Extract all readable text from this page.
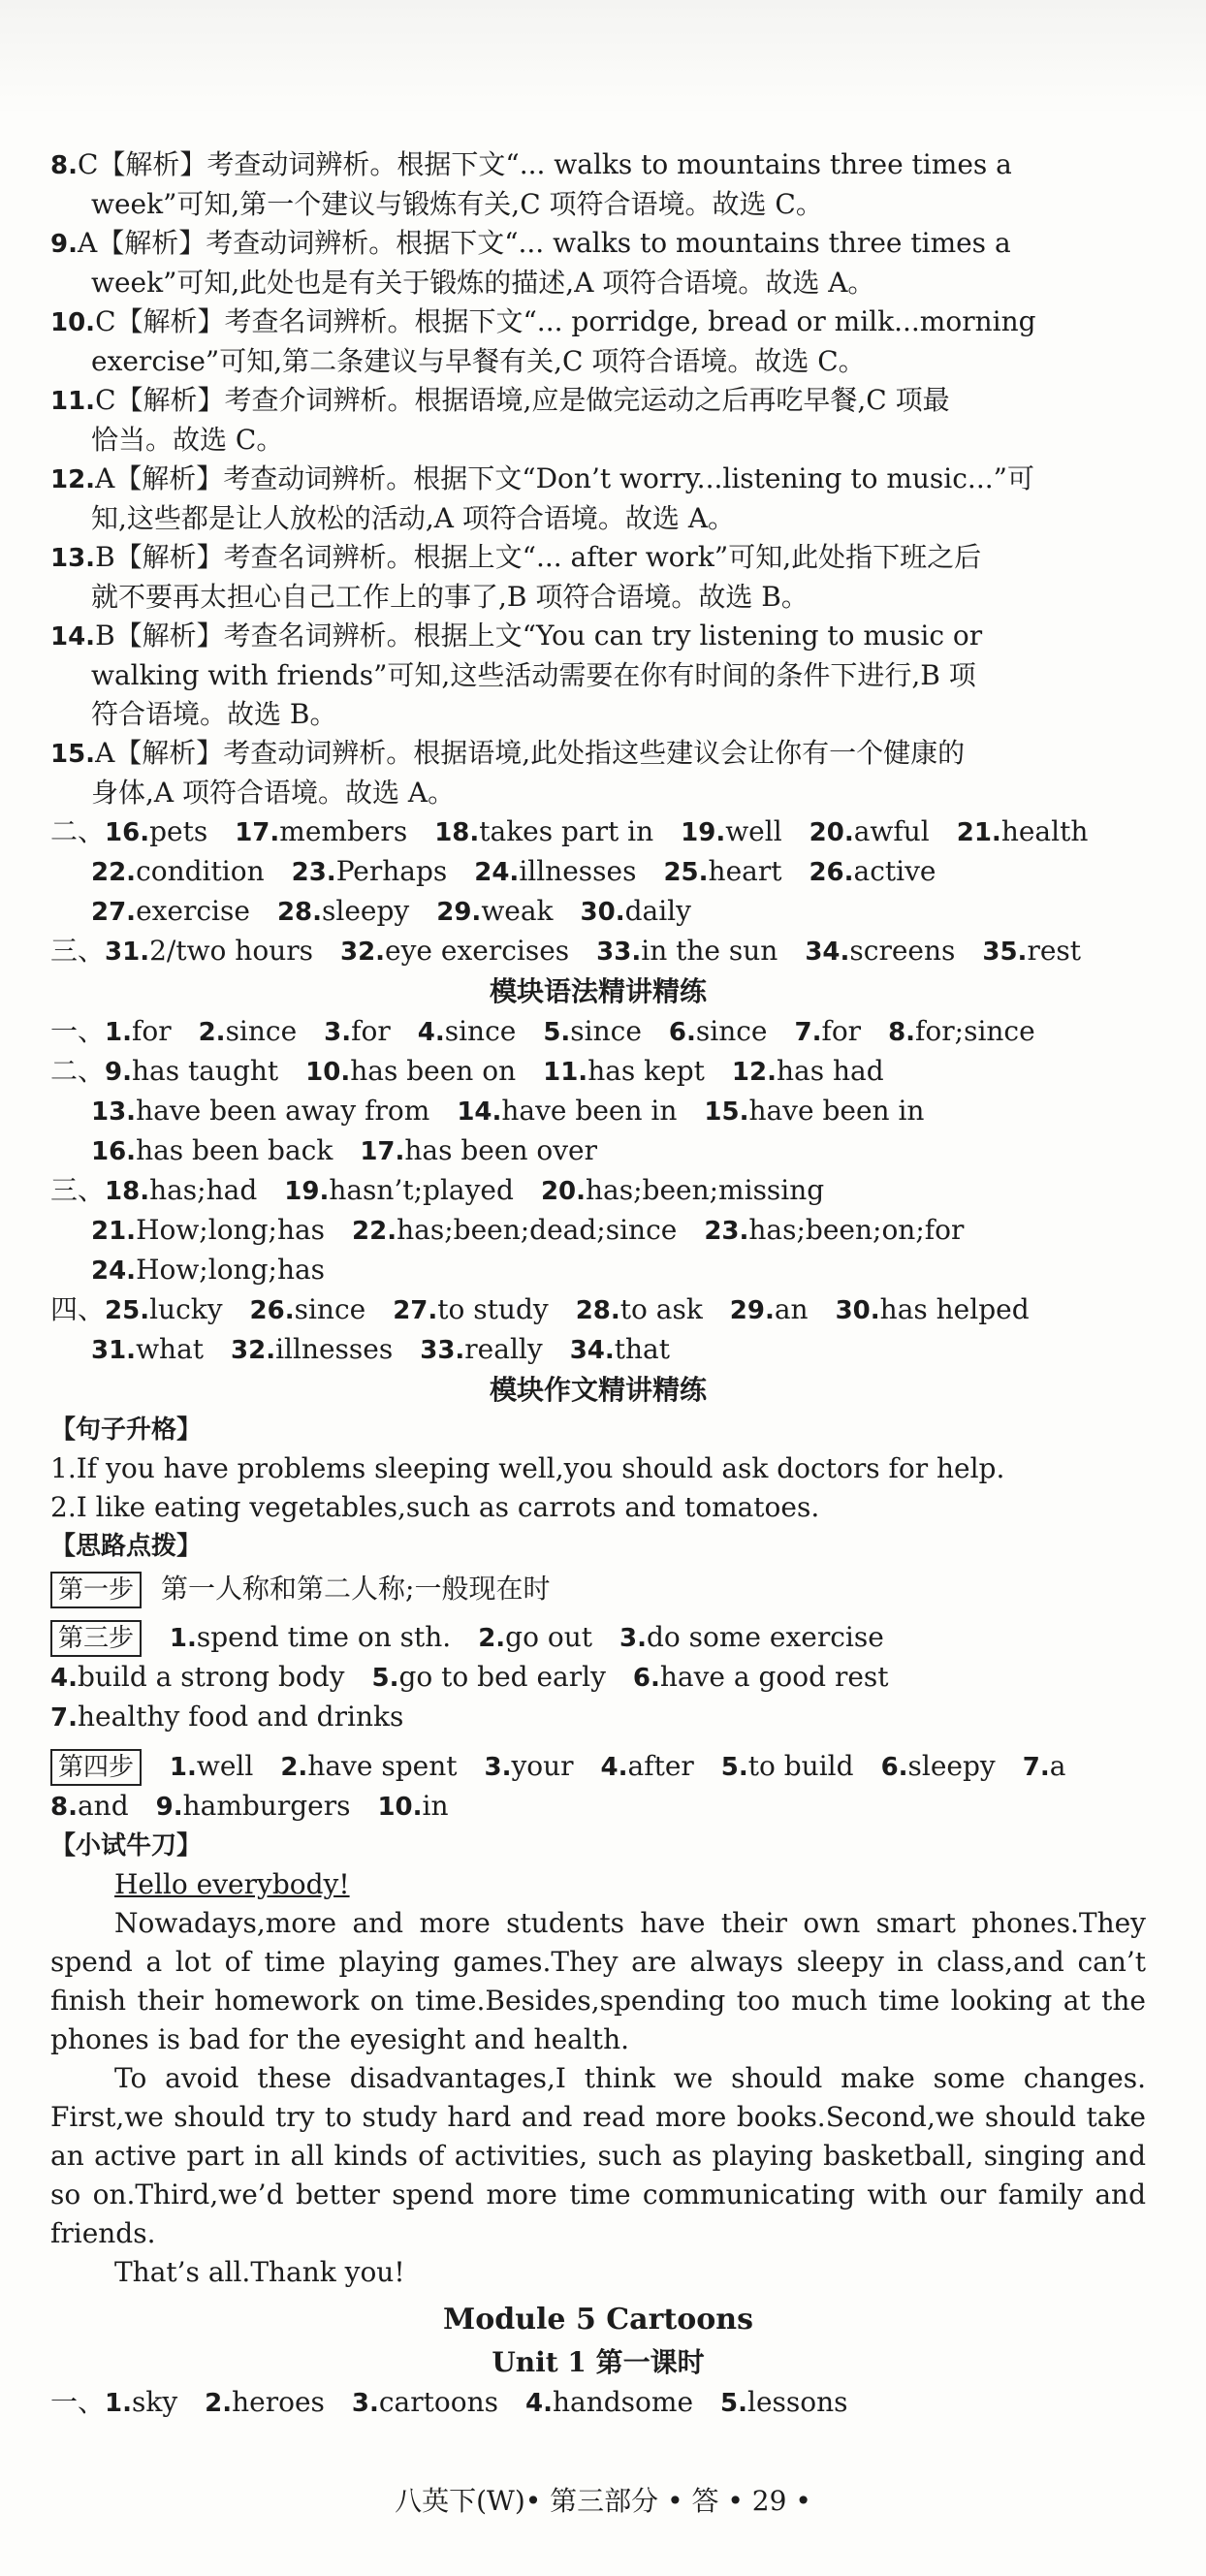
8.C【解析】考查动词辨析。根据下文“... walks to mountains three times a
week”可知,第一个建议与锻炼有关,C 项符合语境。故选 C。
9.A【解析】考查动词辨析。根据下文“... walks to mountains three times a
week”可知,此处也是有关于锻炼的描述,A 项符合语境。故选 A。
10.C【解析】考查名词辨析。根据下文“... porridge, bread or milk...morning
exercise”可知,第二条建议与早餐有关,C 项符合语境。故选 C。
11.C【解析】考查介词辨析。根据语境,应是做完运动之后再吃早餐,C 项最
恰当。故选 C。
12.A【解析】考查动词辨析。根据下文“Don’t worry...listening to music...”可
知,这些都是让人放松的活动,A 项符合语境。故选 A。
13.B【解析】考查名词辨析。根据上文“... after work”可知,此处指下班之后
就不要再太担心自己工作上的事了,B 项符合语境。故选 B。
14.B【解析】考查名词辨析。根据上文“You can try listening to music or
walking with friends”可知,这些活动需要在你有时间的条件下进行,B 项
符合语境。故选 B。
15.A【解析】考查动词辨析。根据语境,此处指这些建议会让你有一个健康的
身体,A 项符合语境。故选 A。
二、16.pets 17.members 18.takes part in 19.well 20.awful 21.health
22.condition 23.Perhaps 24.illnesses 25.heart 26.active
27.exercise 28.sleepy 29.weak 30.daily
三、31.2/two hours 32.eye exercises 33.in the sun 34.screens 35.rest
模块语法精讲精练
一、1.for 2.since 3.for 4.since 5.since 6.since 7.for 8.for;since
二、9.has taught 10.has been on 11.has kept 12.has had
13.have been away from 14.have been in 15.have been in
16.has been back 17.has been over
三、18.has;had 19.hasn’t;played 20.has;been;missing
21.How;long;has 22.has;been;dead;since 23.has;been;on;for
24.How;long;has
四、25.lucky 26.since 27.to study 28.to ask 29.an 30.has helped
31.what 32.illnesses 33.really 34.that
模块作文精讲精练
【句子升格】
1.If you have problems sleeping well,you should ask doctors for help.
2.I like eating vegetables,such as carrots and tomatoes.
【思路点拨】
第一步 第一人称和第二人称;一般现在时
第三步 1.spend time on sth. 2.go out 3.do some exercise
4.build a strong body 5.go to bed early 6.have a good rest
7.healthy food and drinks
第四步 1.well 2.have spent 3.your 4.after 5.to build 6.sleepy 7.a
8.and 9.hamburgers 10.in
【小试牛刀】
Hello everybody!
Nowadays,more and more students have their own smart phones.They spend a lot of time playing games.They are always sleepy in class,and can’t finish their homework on time.Besides,spending too much time looking at the phones is bad for the eyesight and health.
To avoid these disadvantages,I think we should make some changes. First,we should try to study hard and read more books.Second,we should take an active part in all kinds of activities, such as playing basketball, singing and so on.Third,we’d better spend more time communicating with our family and friends.
That’s all.Thank you!
Module 5 Cartoons
Unit 1 第一课时
一、1.sky 2.heroes 3.cartoons 4.handsome 5.lessons
八英下(W)• 第三部分 • 答 • 29 •
